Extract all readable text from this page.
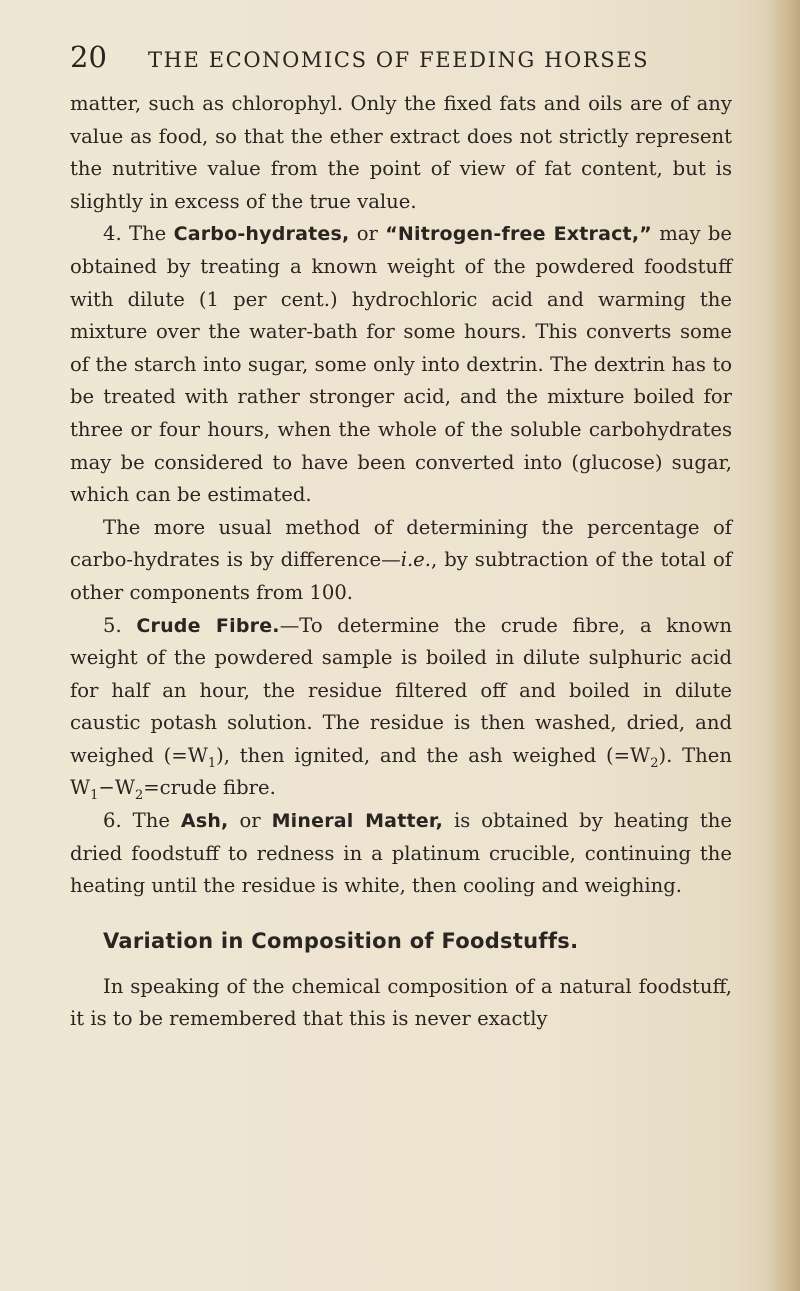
20 THE ECONOMICS OF FEEDING HORSES

matter, such as chlorophyl. Only the fixed fats and oils are of any value as food, so that the ether extract does not strictly represent the nutritive value from the point of view of fat content, but is slightly in excess of the true value.

4. The Carbo-hydrates, or “Nitrogen-free Extract,” may be obtained by treating a known weight of the powdered foodstuff with dilute (1 per cent.) hydrochloric acid and warming the mixture over the water-bath for some hours. This converts some of the starch into sugar, some only into dextrin. The dextrin has to be treated with rather stronger acid, and the mixture boiled for three or four hours, when the whole of the soluble carbohydrates may be considered to have been converted into (glucose) sugar, which can be estimated.

The more usual method of determining the percentage of carbo-hydrates is by difference—i.e., by subtraction of the total of other components from 100.

5. Crude Fibre.—To determine the crude fibre, a known weight of the powdered sample is boiled in dilute sulphuric acid for half an hour, the residue filtered off and boiled in dilute caustic potash solution. The residue is then washed, dried, and weighed $(=W_1)$, then ignited, and the ash weighed $(=W_2)$. Then $W_1-W_2=crude$ fibre.

6. The Ash, or Mineral Matter, is obtained by heating the dried foodstuff to redness in a platinum crucible, continuing the heating until the residue is white, then cooling and weighing.

Variation in Composition of Foodstuffs.

In speaking of the chemical composition of a natural foodstuff, it is to be remembered that this is never exactly
